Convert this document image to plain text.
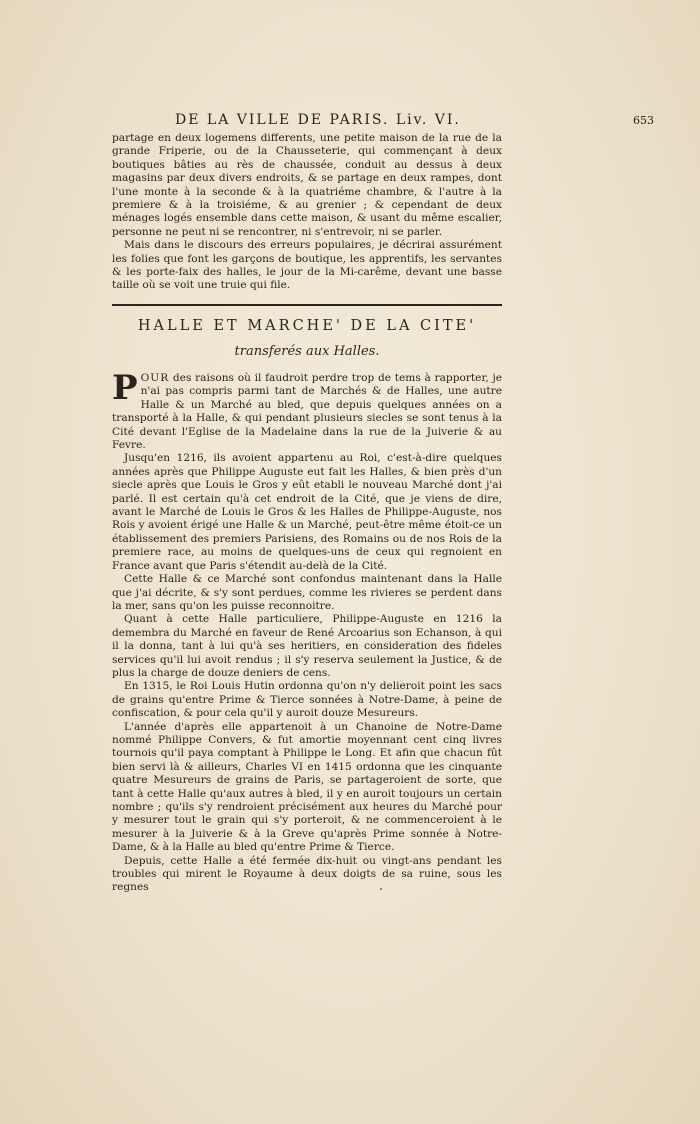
DE LA VILLE DE PARIS. Liv. VI.	653

partage en deux logemens differents, une petite maison de la rue de la grande Friperie, ou de la Chausseterie, qui commençant à deux boutiques bâties au rès de chaussée, conduit au dessus à deux magasins par deux divers endroits, & se partage en deux rampes, dont l'une monte à la seconde & à la quatriéme chambre, & l'autre à la premiere & à la troisiéme, & au grenier ; & cependant de deux ménages logés ensemble dans cette maison, & usant du même escalier, personne ne peut ni se rencontrer, ni s'entrevoir, ni se parler.

Mais dans le discours des erreurs populaires, je décrirai assurément les folies que font les garçons de boutique, les apprentifs, les servantes & les porte-faix des halles, le jour de la Mi-carême, devant une basse taille où se voit une truie qui file.

HALLE ET MARCHE' DE LA CITE'
transferés aux Halles.

POUR des raisons où il faudroit perdre trop de tems à rapporter, je n'ai pas compris parmi tant de Marchés & de Halles, une autre Halle & un Marché au bled, que depuis quelques années on a transporté à la Halle, & qui pendant plusieurs siecles se sont tenus à la Cité devant l'Eglise de la Madelaine dans la rue de la Juiverie & au Fevre.

Jusqu'en 1216, ils avoient appartenu au Roi, c'est-à-dire quelques années après que Philippe Auguste eut fait les Halles, & bien près d'un siecle après que Louis le Gros y eût etabli le nouveau Marché dont j'ai parlé. Il est certain qu'à cet endroit de la Cité, que je viens de dire, avant le Marché de Louis le Gros & les Halles de Philippe-Auguste, nos Rois y avoient érigé une Halle & un Marché, peut-être même étoit-ce un établissement des premiers Parisiens, des Romains ou de nos Rois de la premiere race, au moins de quelques-uns de ceux qui regnoient en France avant que Paris s'étendit au-delà de la Cité.

Cette Halle & ce Marché sont confondus maintenant dans la Halle que j'ai décrite, & s'y sont perdues, comme les rivieres se perdent dans la mer, sans qu'on les puisse reconnoitre.

Quant à cette Halle particuliere, Philippe-Auguste en 1216 la demembra du Marché en faveur de René Arcoarius son Echanson, à qui il la donna, tant à lui qu'à ses heritiers, en consideration des fideles services qu'il lui avoit rendus ; il s'y reserva seulement la Justice, & de plus la charge de douze deniers de cens.

En 1315, le Roi Louis Hutin ordonna qu'on n'y delieroit point les sacs de grains qu'entre Prime & Tierce sonnées à Notre-Dame, à peine de confiscation, & pour cela qu'il y auroit douze Mesureurs.

L'année d'après elle appartenoit à un Chanoine de Notre-Dame nommé Philippe Convers, & fut amortie moyennant cent cinq livres tournois qu'il paya comptant à Philippe le Long. Et afin que chacun fût bien servi là & ailleurs, Charles VI en 1415 ordonna que les cinquante quatre Mesureurs de grains de Paris, se partageroient de sorte, que tant à cette Halle qu'aux autres à bled, il y en auroit toujours un certain nombre ; qu'ils s'y rendroient précisément aux heures du Marché pour y mesurer tout le grain qui s'y porteroit, & ne commenceroient à le mesurer à la Juiverie & à la Greve qu'après Prime sonnée à Notre-Dame, & à la Halle au bled qu'entre Prime & Tierce.

Depuis, cette Halle a été fermée dix-huit ou vingt-ans pendant les troubles qui mirent le Royaume à deux doigts de sa ruine, sous les regnes
